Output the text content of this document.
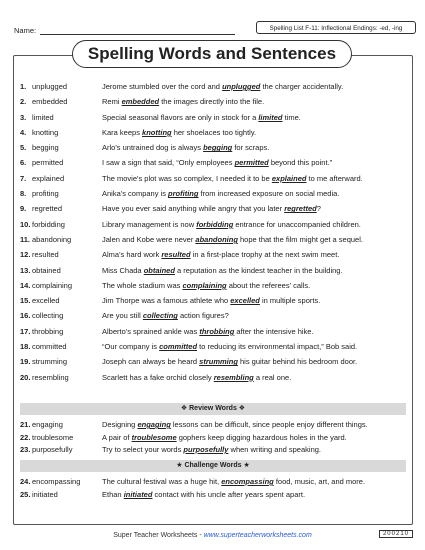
Name:	Spelling List F-11: Inflectional Endings: -ed, -ing
Spelling Words and Sentences
1. unplugged	Jerome stumbled over the cord and unplugged the charger accidentally.
2. embedded	Remi embedded the images directly into the file.
3. limited	Special seasonal flavors are only in stock for a limited time.
4. knotting	Kara keeps knotting her shoelaces too tightly.
5. begging	Arlo's untrained dog is always begging for scraps.
6. permitted	I saw a sign that said, “Only employees permitted beyond this point.”
7. explained	The movie's plot was so complex, I needed it to be explained to me afterward.
8. profiting	Anika's company is profiting from increased exposure on social media.
9. regretted	Have you ever said anything while angry that you later regretted?
10. forbidding	Library management is now forbidding entrance for unaccompanied children.
11. abandoning	Jalen and Kobe were never abandoning hope that the film might get a sequel.
12. resulted	Alma's hard work resulted in a first-place trophy at the next swim meet.
13. obtained	Miss Chada obtained a reputation as the kindest teacher in the building.
14. complaining	The whole stadium was complaining about the referees' calls.
15. excelled	Jim Thorpe was a famous athlete who excelled in multiple sports.
16. collecting	Are you still collecting action figures?
17. throbbing	Alberto's sprained ankle was throbbing after the intensive hike.
18. committed	“Our company is committed to reducing its environmental impact,” Bob said.
19. strumming	Joseph can always be heard strumming his guitar behind his bedroom door.
20. resembling	Scarlett has a fake orchid closely resembling a real one.
❖ Review Words ❖
21. engaging	Designing engaging lessons can be difficult, since people enjoy different things.
22. troublesome	A pair of troublesome gophers keep digging hazardous holes in the yard.
23. purposefully	Try to select your words purposefully when writing and speaking.
★ Challenge Words ★
24. encompassing	The cultural festival was a huge hit, encompassing food, music, art, and more.
25. initiated	Ethan initiated contact with his uncle after years spent apart.
Super Teacher Worksheets - www.superteacherworksheets.com	200210
